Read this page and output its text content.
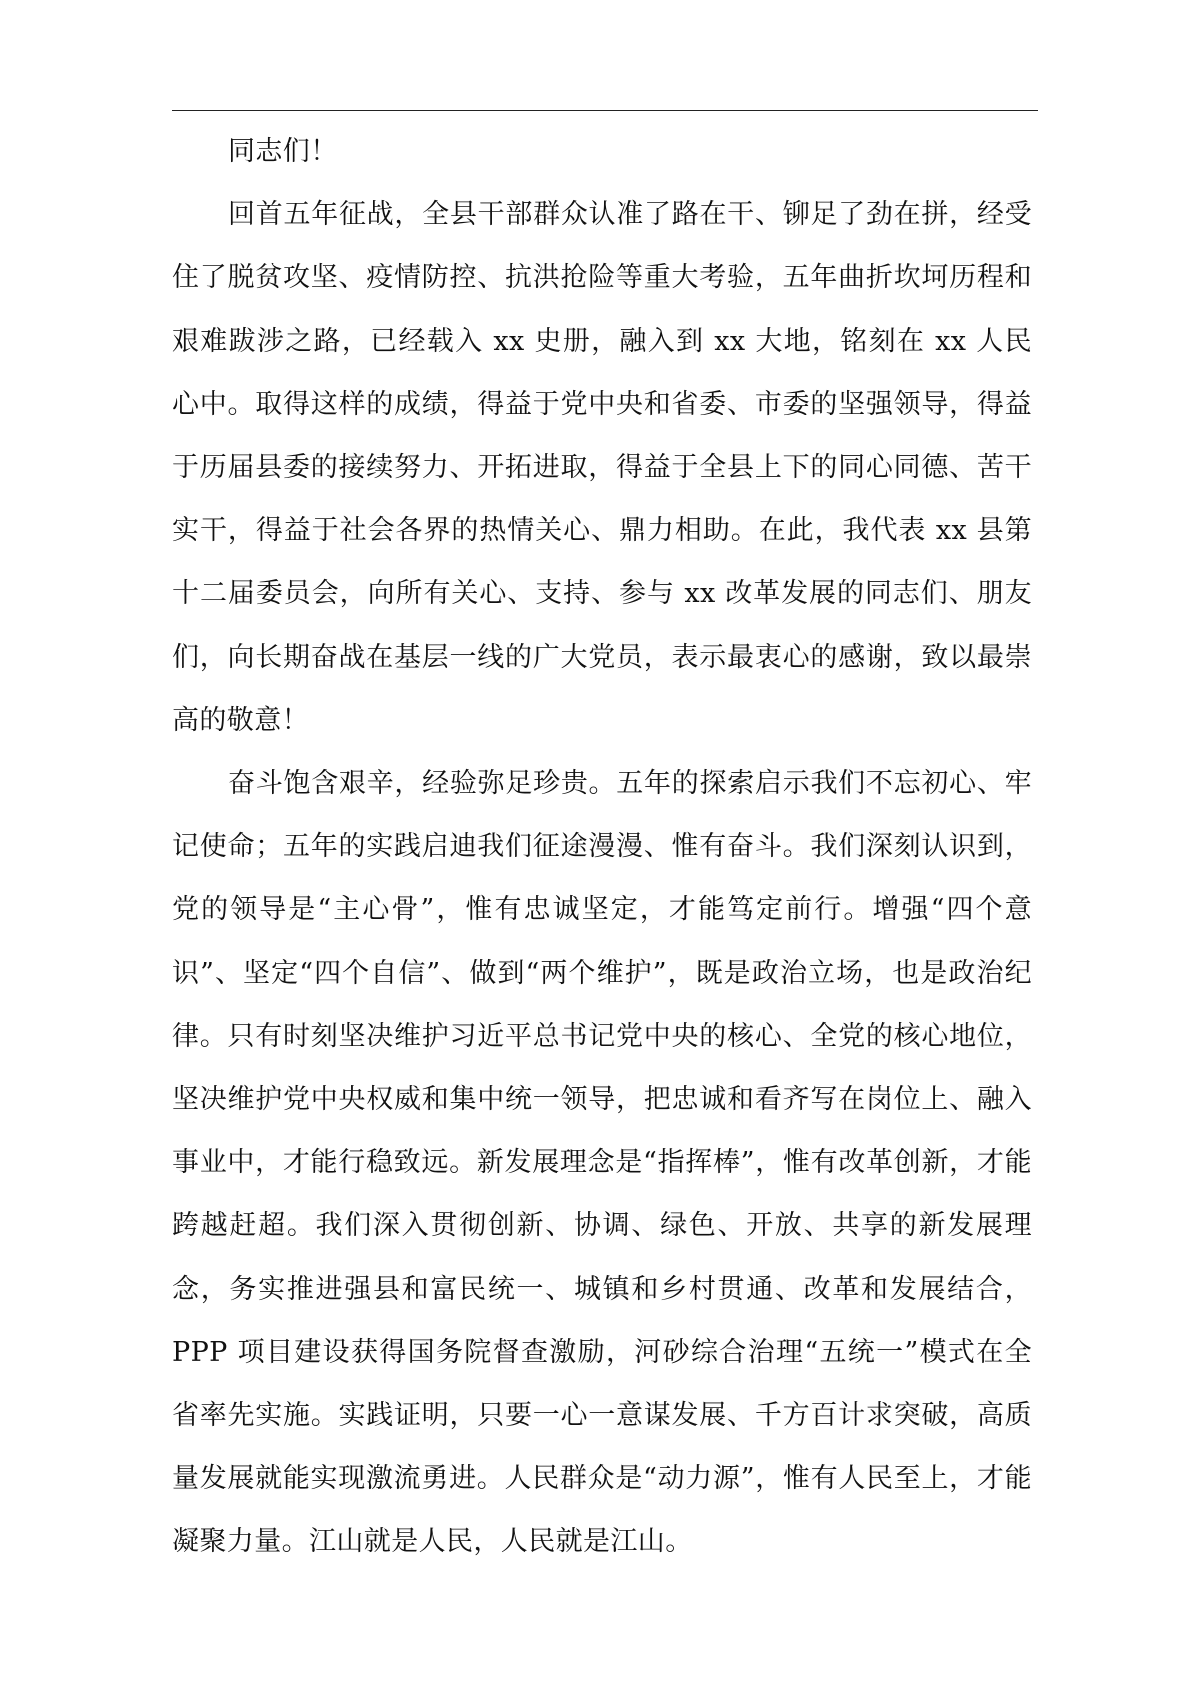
同志们！

回首五年征战，全县干部群众认准了路在干、铆足了劲在拼，经受住了脱贫攻坚、疫情防控、抗洪抢险等重大考验，五年曲折坎坷历程和艰难跋涉之路，已经载入 xx 史册，融入到 xx 大地，铭刻在 xx 人民心中。取得这样的成绩，得益于党中央和省委、市委的坚强领导，得益于历届县委的接续努力、开拓进取，得益于全县上下的同心同德、苦干实干，得益于社会各界的热情关心、鼎力相助。在此，我代表 xx 县第十二届委员会，向所有关心、支持、参与 xx 改革发展的同志们、朋友们，向长期奋战在基层一线的广大党员，表示最衷心的感谢，致以最崇高的敬意！

奋斗饱含艰辛，经验弥足珍贵。五年的探索启示我们不忘初心、牢记使命；五年的实践启迪我们征途漫漫、惟有奋斗。我们深刻认识到，党的领导是“主心骨”，惟有忠诚坚定，才能笃定前行。增强“四个意识”、坚定“四个自信”、做到“两个维护”，既是政治立场，也是政治纪律。只有时刻坚决维护习近平总书记党中央的核心、全党的核心地位，坚决维护党中央权威和集中统一领导，把忠诚和看齐写在岗位上、融入事业中，才能行稳致远。新发展理念是“指挥棒”，惟有改革创新，才能跨越赶超。我们深入贯彻创新、协调、绿色、开放、共享的新发展理念，务实推进强县和富民统一、城镇和乡村贯通、改革和发展结合，PPP 项目建设获得国务院督查激励，河砂综合治理“五统一”模式在全省率先实施。实践证明，只要一心一意谋发展、千方百计求突破，高质量发展就能实现激流勇进。人民群众是“动力源”，惟有人民至上，才能凝聚力量。江山就是人民，人民就是江山。
